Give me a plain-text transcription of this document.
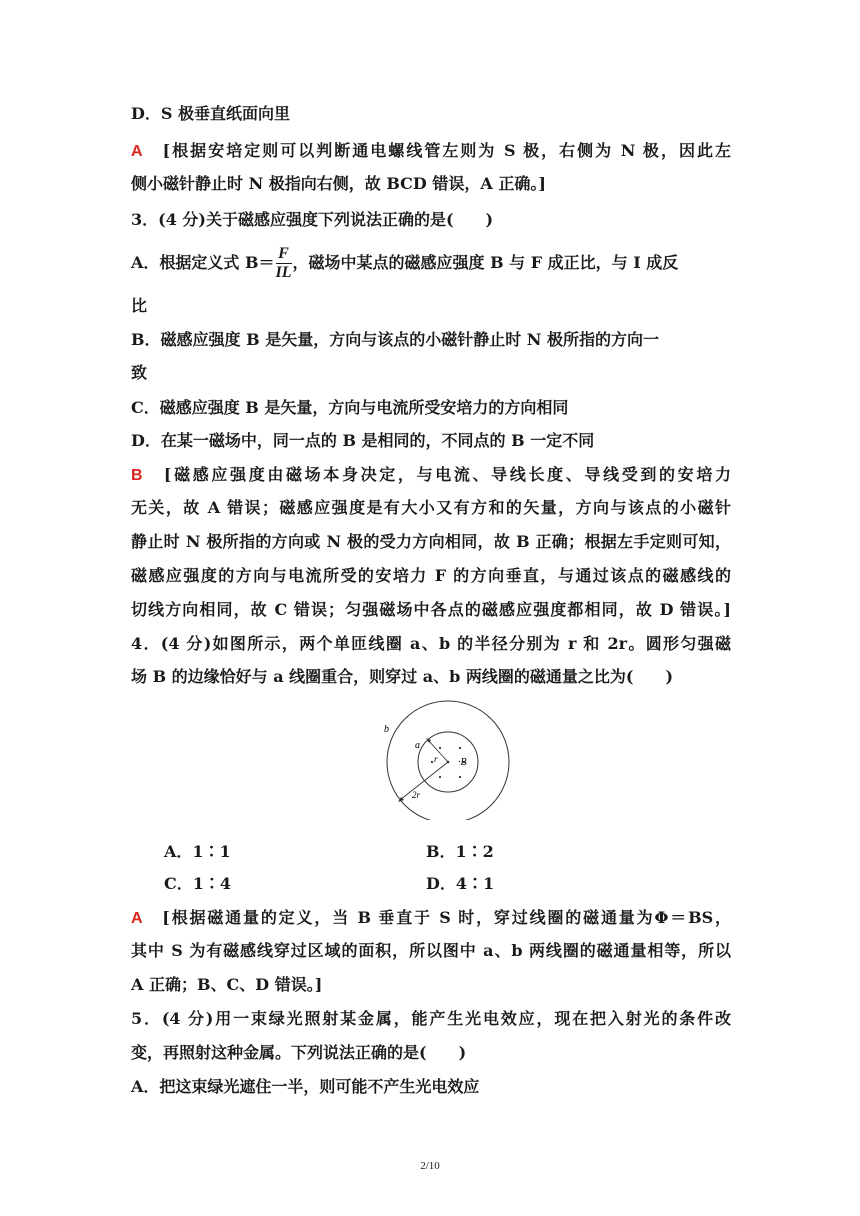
D．S 极垂直纸面向里
A　 [根据安培定则可以判断通电螺线管左则为 S 极，右侧为 N 极，因此左
侧小磁针静止时 N 极指向右侧，故 BCD 错误，A 正确。]
3．(4 分)关于磁感应强度下列说法正确的是(　　)
A．根据定义式 $B= \frac{F}{IL}$ ，磁场中某点的磁感应强度 B 与 F 成正比，与 I 成反
比
B．磁感应强度 B 是矢量，方向与该点的小磁针静止时 N 极所指的方向一
致
C．磁感应强度 B 是矢量，方向与电流所受安培力的方向相同
D．在某一磁场中，同一点的 B 是相同的，不同点的 B 一定不同
B　 [磁感应强度由磁场本身决定，与电流、导线长度、导线受到的安培力
无关，故 A 错误；磁感应强度是有大小又有方和的矢量，方向与该点的小磁针
静止时 N 极所指的方向或 N 极的受力方向相同，故 B 正确；根据左手定则可知，
磁感应强度的方向与电流所受的安培力 F 的方向垂直，与通过该点的磁感线的
切线方向相同，故 C 错误；匀强磁场中各点的磁感应强度都相同，故 D 错误。]
4．(4 分)如图所示，两个单匝线圈 a、b 的半径分别为 r 和 2r。圆形匀强磁
场 B 的边缘恰好与 a 线圈重合，则穿过 a、b 两线圈的磁通量之比为(　　)
b
a
r ·B
2r
A．1∶1	B．1∶2
C．1∶4	D．4∶1
A　 [根据磁通量的定义，当 B 垂直于 S 时，穿过线圈的磁通量为Φ＝BS，
其中 S 为有磁感线穿过区域的面积，所以图中 a、b 两线圈的磁通量相等，所以
A 正确；B、C、D 错误。]
5．(4 分)用一束绿光照射某金属，能产生光电效应，现在把入射光的条件改
变，再照射这种金属。下列说法正确的是(　　)
A．把这束绿光遮住一半，则可能不产生光电效应
2/10
